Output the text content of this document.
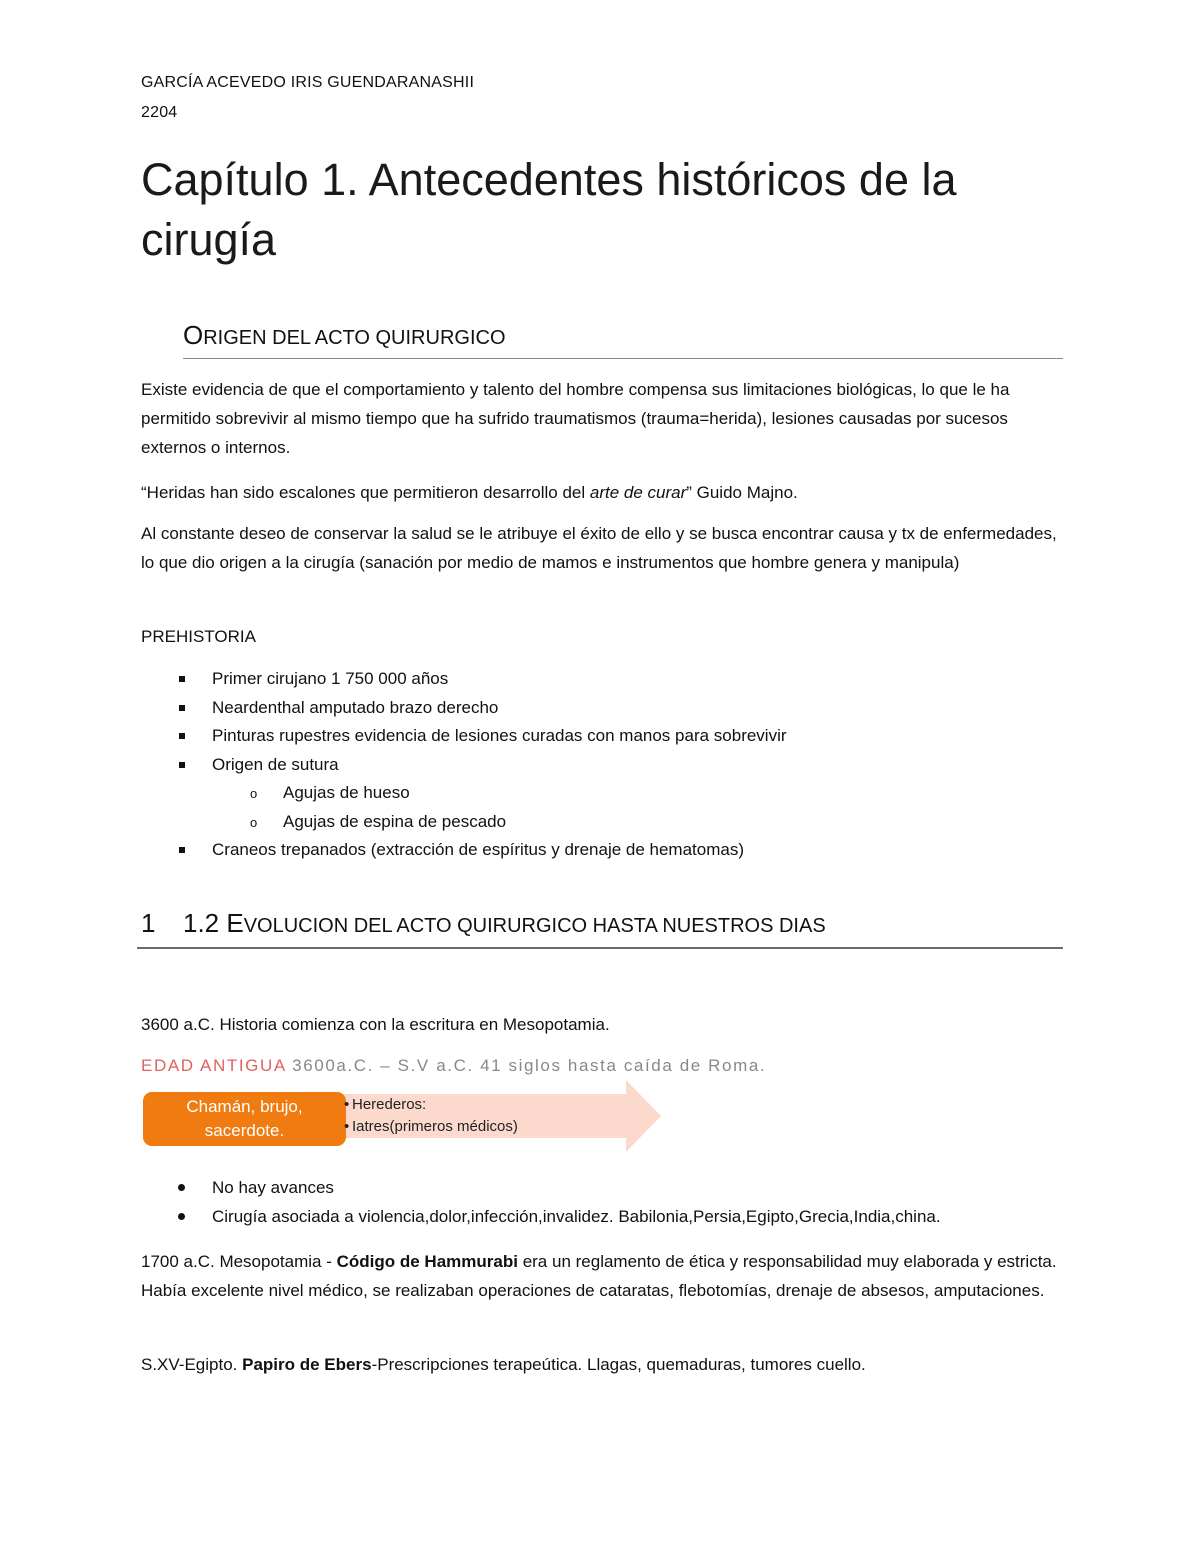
GARCÍA ACEVEDO IRIS GUENDARANASHII
2204
Capítulo 1. Antecedentes históricos de la cirugía
ORIGEN DEL ACTO QUIRURGICO
Existe evidencia de que el comportamiento y talento del hombre compensa sus limitaciones biológicas, lo que le ha permitido sobrevivir al mismo tiempo que ha sufrido traumatismos (trauma=herida), lesiones causadas por sucesos externos o internos.
“Heridas han sido escalones que permitieron desarrollo del arte de curar” Guido Majno.
Al constante deseo de conservar la salud se le atribuye el éxito de ello y se busca encontrar causa y tx de enfermedades, lo que dio origen a la cirugía (sanación por medio de mamos e instrumentos que hombre genera y manipula)
PREHISTORIA
Primer cirujano 1 750 000 años
Neardenthal amputado brazo derecho
Pinturas rupestres evidencia de lesiones curadas con manos para sobrevivir
Origen de sutura
o Agujas de hueso
o Agujas de espina de pescado
Craneos trepanados (extracción de espíritus y drenaje de hematomas)
1 1.2 EVOLUCION DEL ACTO QUIRURGICO HASTA NUESTROS DIAS
3600 a.C. Historia comienza con la escritura en Mesopotamia.
EDAD ANTIGUA 3600a.C. – S.V a.C. 41 siglos hasta caída de Roma.
Chamán, brujo, sacerdote.
• Herederos:
• Iatres(primeros médicos)
No hay avances
Cirugía asociada a violencia,dolor,infección,invalidez. Babilonia,Persia,Egipto,Grecia,India,china.
1700 a.C. Mesopotamia - Código de Hammurabi era un reglamento de ética y responsabilidad muy elaborada y estricta. Había excelente nivel médico, se realizaban operaciones de cataratas, flebotomías, drenaje de absesos, amputaciones.
S.XV-Egipto. Papiro de Ebers-Prescripciones terapeútica. Llagas, quemaduras, tumores cuello.
